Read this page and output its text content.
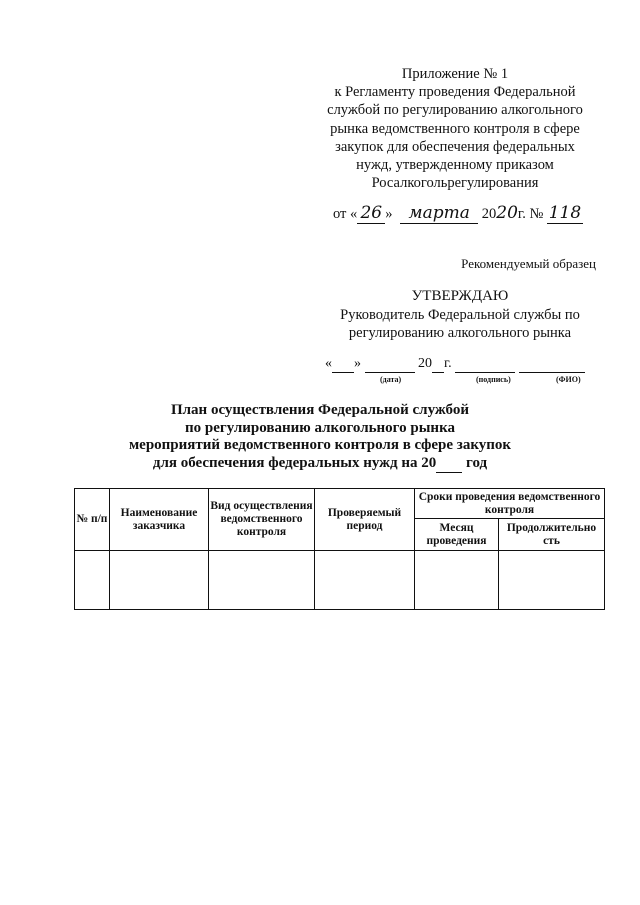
Приложение № 1
к Регламенту проведения Федеральной
службой по регулированию алкогольного
рынка ведомственного контроля в сфере
закупок для обеспечения федеральных
нужд, утвержденному приказом
Росалкогольрегулирования
от « 26 » марта 2020г. № 118
Рекомендуемый образец
УТВЕРЖДАЮ
Руководитель Федеральной службы по
регулированию алкогольного рынка
« »	20 г.
(дата)	(подпись)	(ФИО)
План осуществления Федеральной службой
по регулированию алкогольного рынка
мероприятий ведомственного контроля в сфере закупок
для обеспечения федеральных нужд на 20 год
№ п/п	Наименование заказчика	Вид осуществления ведомственного контроля	Проверяемый период	Сроки проведения ведомственного контроля	
				Месяц проведения	Продолжительно сть
